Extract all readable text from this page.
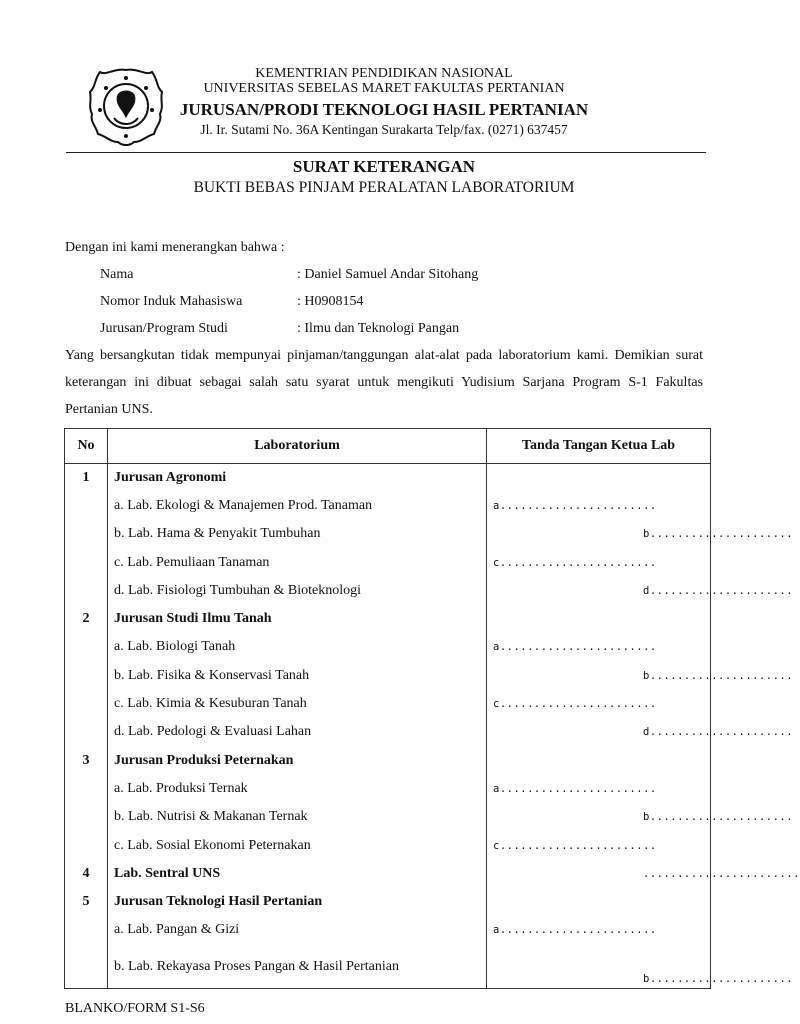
KEMENTRIAN PENDIDIKAN NASIONAL
UNIVERSITAS SEBELAS MARET FAKULTAS PERTANIAN
JURUSAN/PRODI TEKNOLOGI HASIL PERTANIAN
Jl. Ir. Sutami No. 36A Kentingan Surakarta Telp/fax. (0271) 637457
SURAT KETERANGAN
BUKTI BEBAS PINJAM PERALATAN LABORATORIUM
Dengan ini kami menerangkan bahwa :
Nama	: Daniel Samuel Andar Sitohang
Nomor Induk Mahasiswa	: H0908154
Jurusan/Program Studi	: Ilmu dan Teknologi Pangan
Yang bersangkutan tidak mempunyai pinjaman/tanggungan alat-alat pada laboratorium kami. Demikian surat keterangan ini dibuat sebagai salah satu syarat untuk mengikuti Yudisium Sarjana Program S-1 Fakultas Pertanian UNS.
No	Laboratorium	Tanda Tangan Ketua Lab
1	Jurusan Agronomi	
	a. Lab. Ekologi & Manajemen Prod. Tanaman	a.......................

	b. Lab. Hama & Penyakit Tumbuhan	b.....................

	c. Lab. Pemuliaan Tanaman	c.......................

	d. Lab. Fisiologi Tumbuhan & Bioteknologi	d.....................

2	Jurusan Studi Ilmu Tanah	
	a. Lab. Biologi Tanah	a.......................

	b. Lab. Fisika & Konservasi Tanah	b.....................

	c. Lab. Kimia & Kesuburan Tanah	c.......................

	d. Lab. Pedologi & Evaluasi Lahan	d.....................

3	Jurusan Produksi Peternakan	
	a. Lab. Produksi Ternak	a.......................

	b. Lab. Nutrisi & Makanan Ternak	b.....................

	c. Lab. Sosial Ekonomi Peternakan	c.......................

4	Lab. Sentral UNS	.......................

5	Jurusan Teknologi Hasil Pertanian	
	a. Lab. Pangan & Gizi	a.......................

	b. Lab. Rekayasa Proses Pangan & Hasil Pertanian	b.....................
BLANKO/FORM S1-S6
